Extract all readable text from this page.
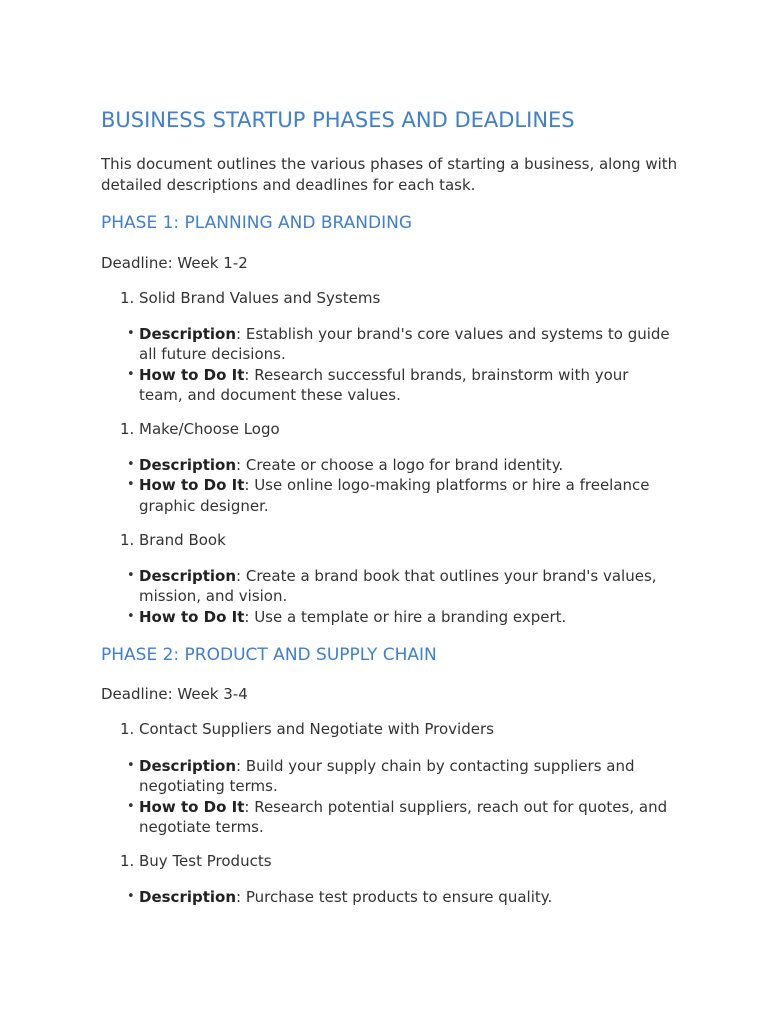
BUSINESS STARTUP PHASES AND DEADLINES

This document outlines the various phases of starting a business, along with detailed descriptions and deadlines for each task.

PHASE 1: PLANNING AND BRANDING

Deadline: Week 1-2

1. Solid Brand Values and Systems

• Description: Establish your brand's core values and systems to guide all future decisions.
• How to Do It: Research successful brands, brainstorm with your team, and document these values.

1. Make/Choose Logo

• Description: Create or choose a logo for brand identity.
• How to Do It: Use online logo-making platforms or hire a freelance graphic designer.

1. Brand Book

• Description: Create a brand book that outlines your brand's values, mission, and vision.
• How to Do It: Use a template or hire a branding expert.
PHASE 2: PRODUCT AND SUPPLY CHAIN

Deadline: Week 3-4

1. Contact Suppliers and Negotiate with Providers

• Description: Build your supply chain by contacting suppliers and negotiating terms.
• How to Do It: Research potential suppliers, reach out for quotes, and negotiate terms.

1. Buy Test Products

• Description: Purchase test products to ensure quality.
